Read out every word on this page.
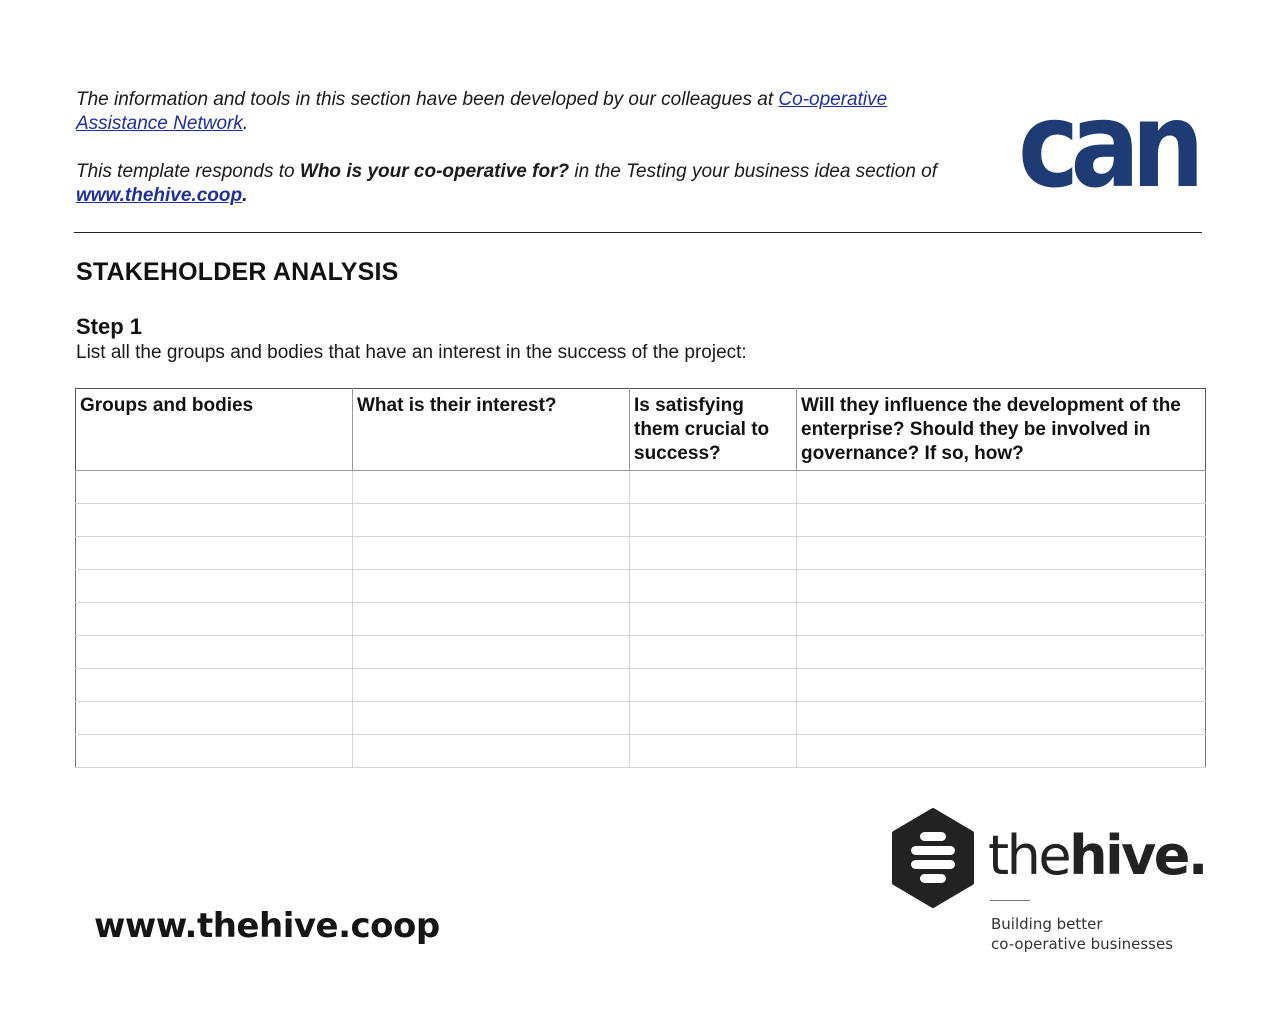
The information and tools in this section have been developed by our colleagues at Co-operative Assistance Network.

This template responds to Who is your co-operative for? in the Testing your business idea section of www.thehive.coop.	can
STAKEHOLDER ANALYSIS
Step 1

List all the groups and bodies that have an interest in the success of the project:

Groups and bodies	What is their interest?	Is satisfying them crucial to success?	Will they influence the development of the enterprise? Should they be involved in governance? If so, how?

www.thehive.coop

thehive.

Building better
co-operative businesses
